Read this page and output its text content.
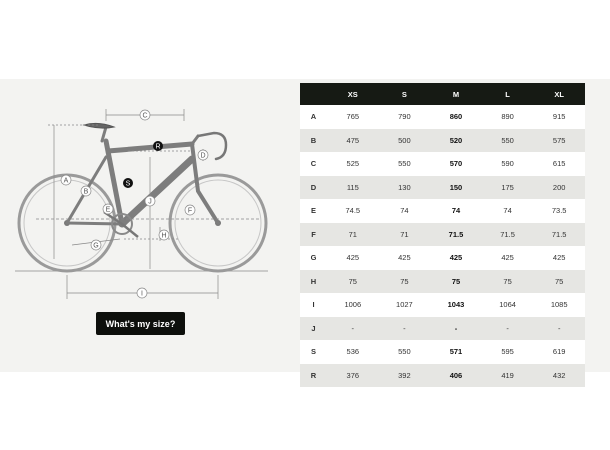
A
B
C
D
E	F
G
H
I
J
S
R
What's my size?
	XS	S	M	L	XL
A	765	790	860	890	915
B	475	500	520	550	575
C	525	550	570	590	615
D	115	130	150	175	200
E	74.5	74	74	74	73.5
F	71	71	71.5	71.5	71.5
G	425	425	425	425	425
H	75	75	75	75	75
I	1006	1027	1043	1064	1085
J	-	-	-	-	-
S	536	550	571	595	619
R	376	392	406	419	432
